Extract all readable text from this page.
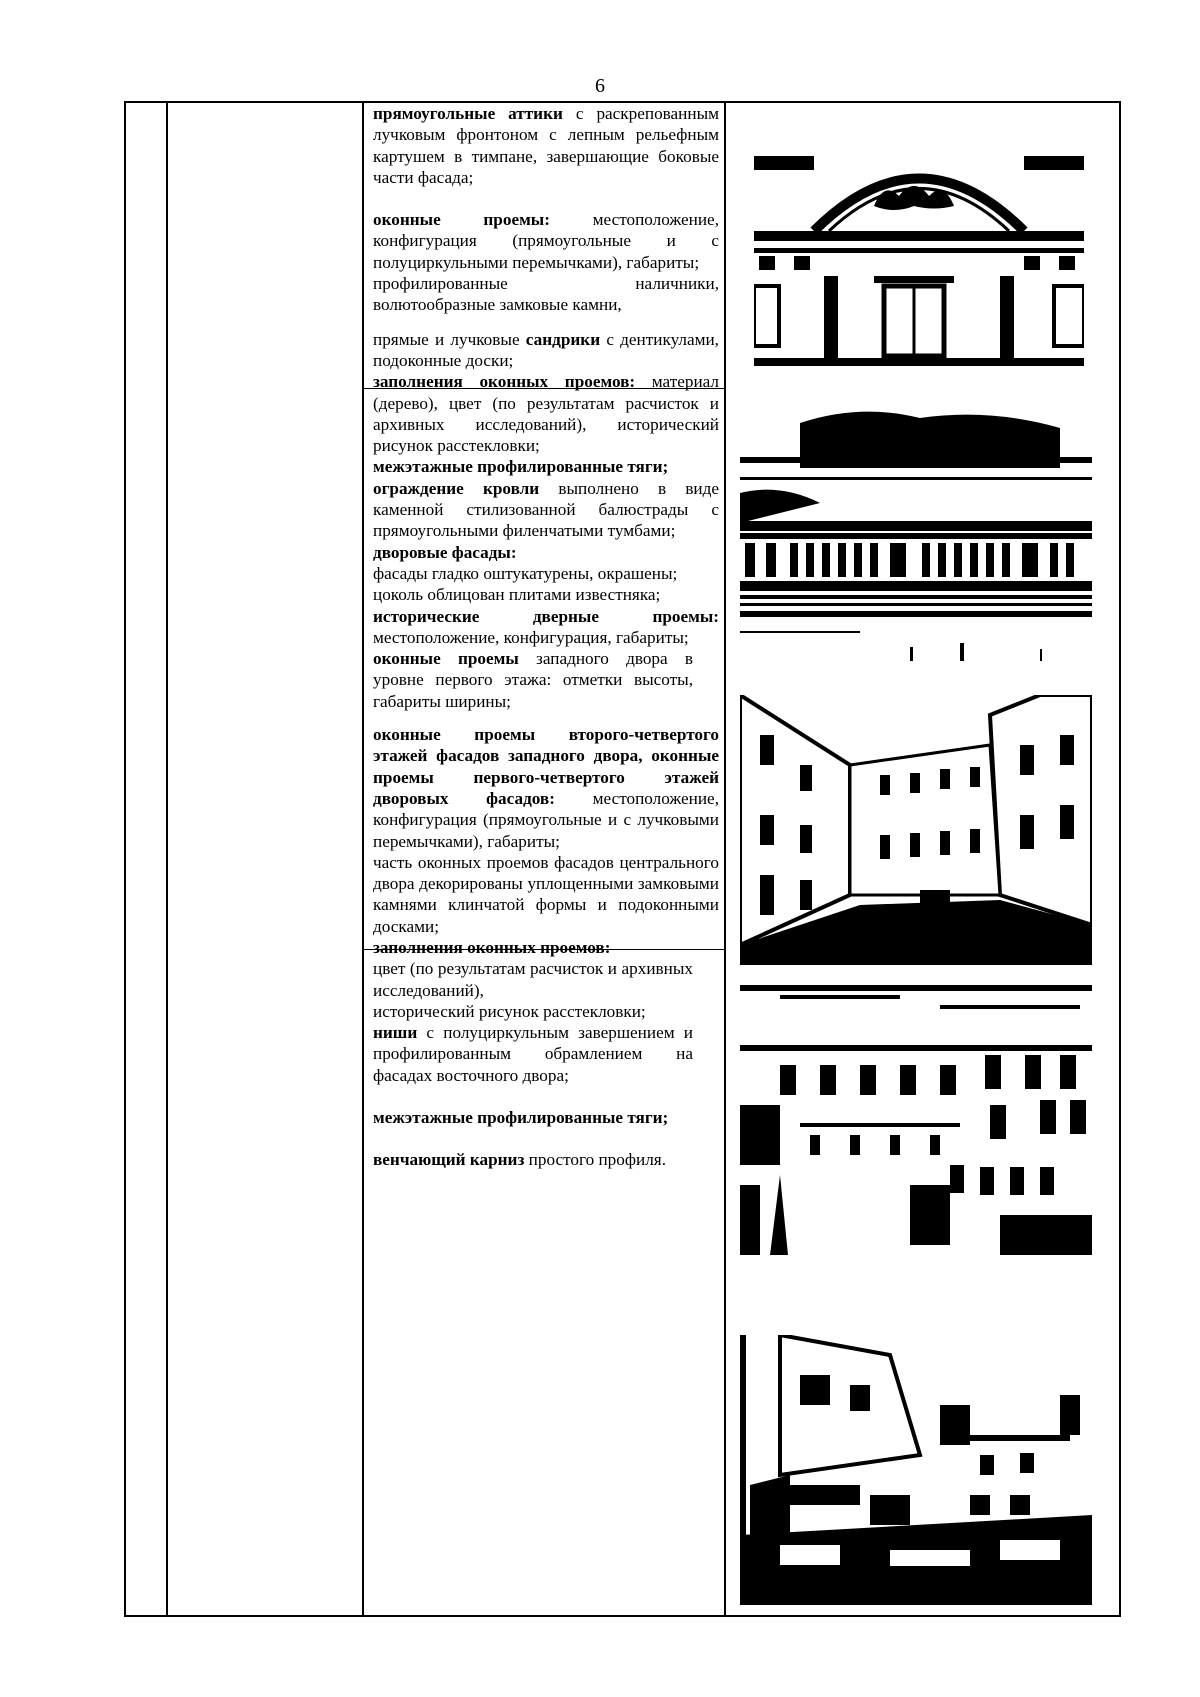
6

прямоугольные аттики с раскрепованным лучковым фронтоном с лепным рельефным картушем в тимпане, завершающие боковые части фасада;

оконные проемы: местоположение, конфигурация (прямоугольные и с полуциркульными перемычками), габариты;

профилированные наличники, волютообразные замковые камни,

прямые и лучковые сандрики с дентикулами, подоконные доски;

заполнения оконных проемов: материал (дерево), цвет (по результатам расчисток и архивных исследований), исторический рисунок расстекловки;

межэтажные профилированные тяги;

ограждение кровли выполнено в виде каменной стилизованной балюстрады с прямоугольными филенчатыми тумбами;

дворовые фасады:

фасады гладко оштукатурены, окрашены;

цоколь облицован плитами известняка;

исторические дверные проемы: местоположение, конфигурация, габариты;

оконные проемы западного двора в уровне первого этажа: отметки высоты, габариты ширины;

оконные проемы второго-четвертого этажей фасадов западного двора, оконные проемы первого-четвертого этажей дворовых фасадов: местоположение, конфигурация (прямоугольные и с лучковыми перемычками), габариты;

часть оконных проемов фасадов центрального двора декорированы уплощенными замковыми камнями клинчатой формы и подоконными досками;

заполнения оконных проемов:

цвет (по результатам расчисток и архивных исследований),

исторический рисунок расстекловки;

ниши с полуциркульным завершением и профилированным обрамлением на фасадах восточного двора;

межэтажные профилированные тяги;

венчающий карниз простого профиля.
